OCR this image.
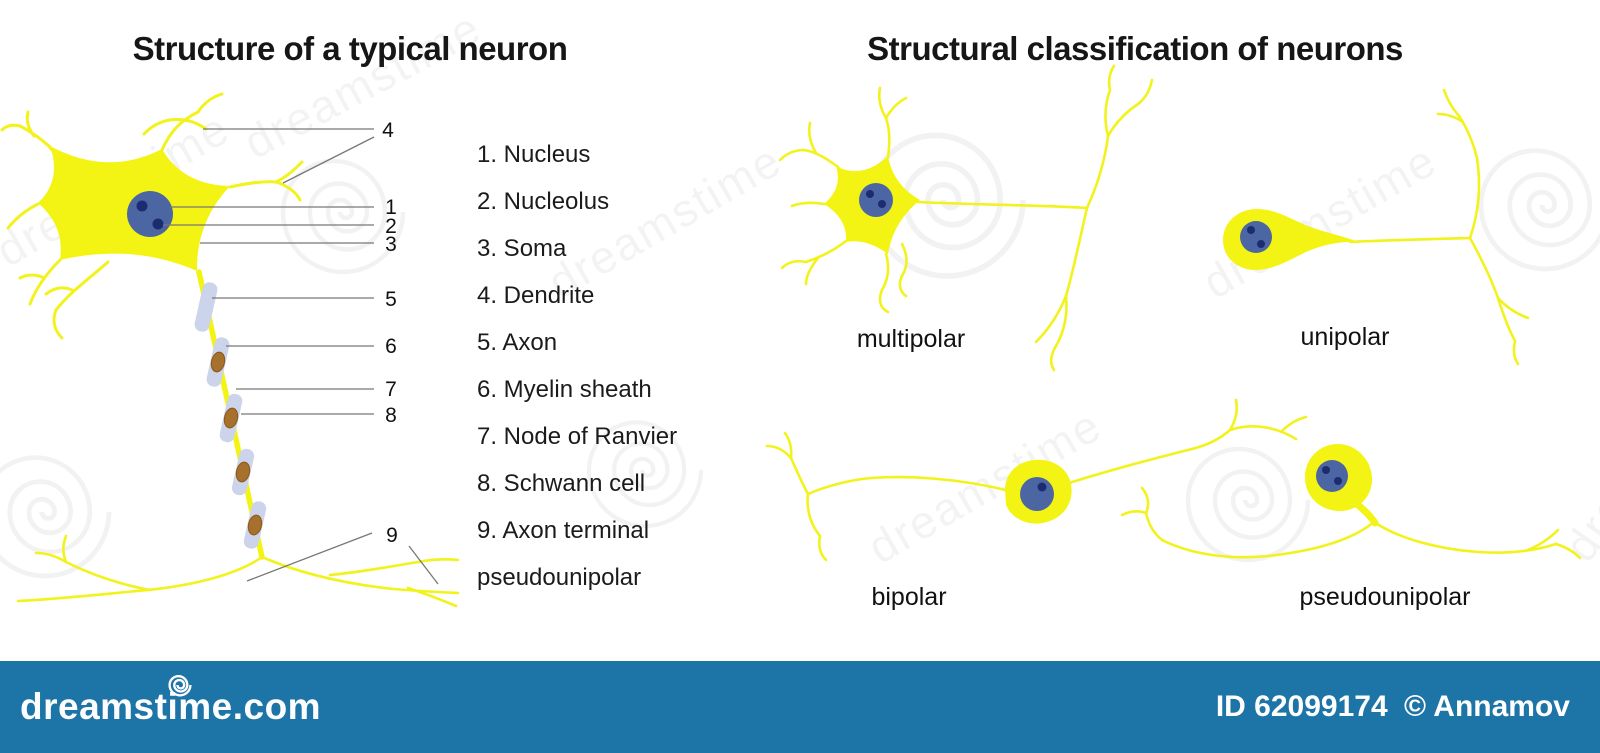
4
1
2
3
5
6
7
8
9
Structure of a typical neuron	Structural classification of neurons
1. Nucleus
2. Nucleolus
3. Soma
4. Dendrite
5. Axon
6. Myelin sheath
7. Node of Ranvier
8. Schwann cell
9. Axon terminal
pseudounipolar
multipolar	unipolar
bipolar	pseudounipolar
dreamstime.com	ID 62099174 © Annamov
